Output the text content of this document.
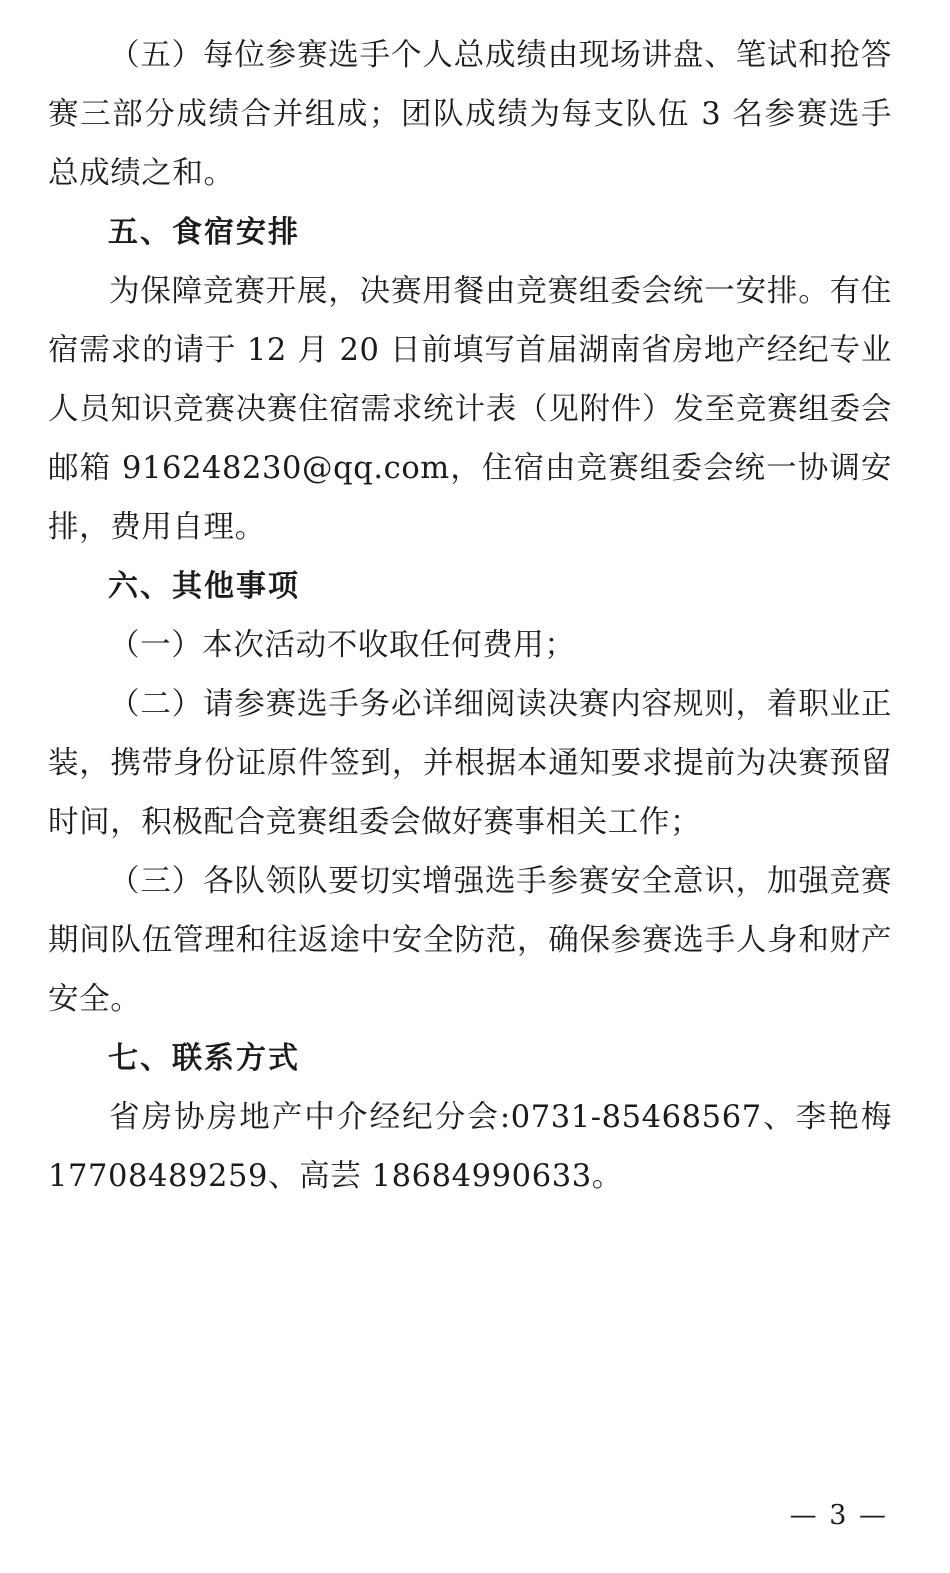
（五）每位参赛选手个人总成绩由现场讲盘、笔试和抢答赛三部分成绩合并组成；团队成绩为每支队伍 3 名参赛选手总成绩之和。

五、食宿安排

为保障竞赛开展，决赛用餐由竞赛组委会统一安排。有住宿需求的请于 12 月 20 日前填写首届湖南省房地产经纪专业人员知识竞赛决赛住宿需求统计表（见附件）发至竞赛组委会邮箱 916248230@qq.com，住宿由竞赛组委会统一协调安排，费用自理。

六、其他事项

（一）本次活动不收取任何费用；

（二）请参赛选手务必详细阅读决赛内容规则，着职业正装，携带身份证原件签到，并根据本通知要求提前为决赛预留时间，积极配合竞赛组委会做好赛事相关工作；

（三）各队领队要切实增强选手参赛安全意识，加强竞赛期间队伍管理和往返途中安全防范，确保参赛选手人身和财产安全。

七、联系方式

省房协房地产中介经纪分会:0731-85468567、李艳梅 17708489259、高芸 18684990633。

— 3 —
